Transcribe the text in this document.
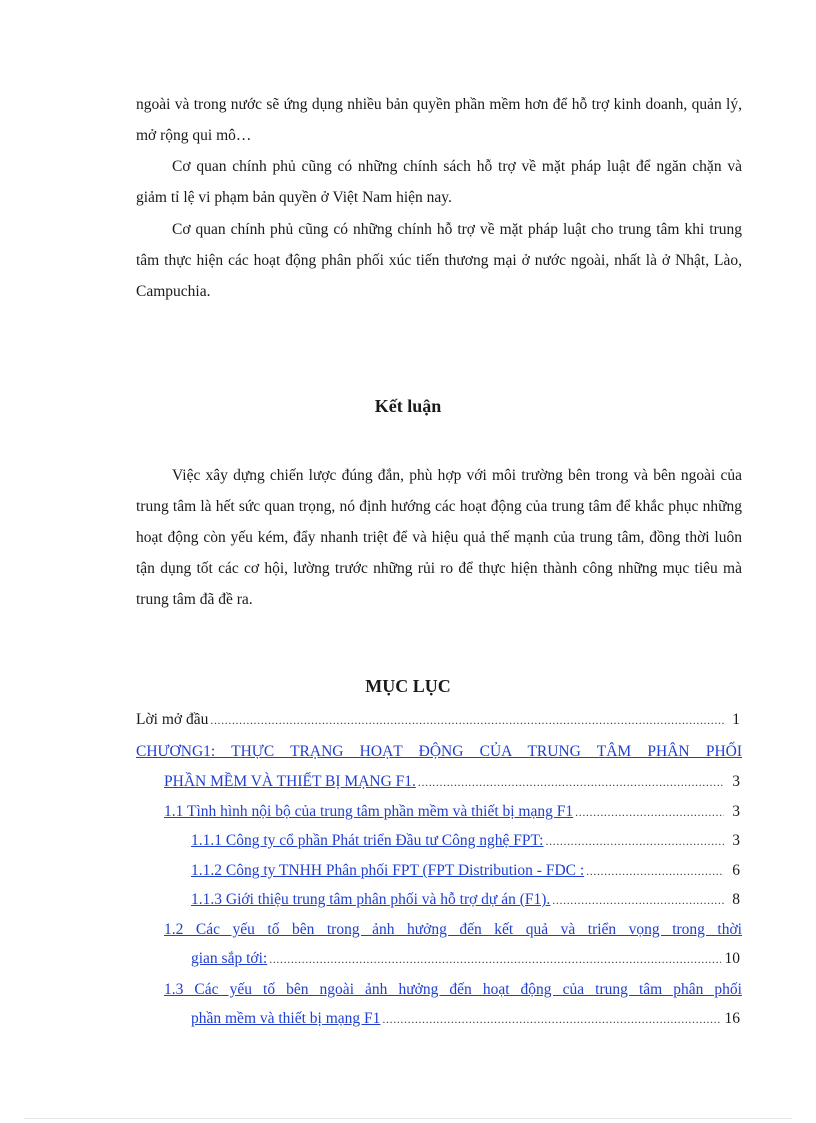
ngoài và trong nước sẽ ứng dụng nhiều bản quyền phần mềm hơn để hỗ trợ kinh doanh, quản lý, mở rộng qui mô…

Cơ quan chính phủ cũng có những chính sách hỗ trợ về mặt pháp luật để ngăn chặn và giảm tỉ lệ vi phạm bản quyền ở Việt Nam hiện nay.

Cơ quan chính phủ cũng có những chính hỗ trợ về mặt pháp luật cho trung tâm khi trung tâm thực hiện các hoạt động phân phối xúc tiến thương mại ở nước ngoài, nhất là ở Nhật, Lào, Campuchia.

Kết luận

Việc xây dựng chiến lược đúng đắn, phù hợp với môi trường bên trong và bên ngoài của trung tâm là hết sức quan trọng, nó định hướng các hoạt động của trung tâm để khắc phục những hoạt động còn yếu kém, đẩy nhanh triệt để và hiệu quả thế mạnh của trung tâm, đồng thời luôn tận dụng tốt các cơ hội, lường trước những rủi ro để thực hiện thành công những mục tiêu mà trung tâm đã đề ra.

MỤC LỤC
Lời mở đầu .....	1
CHƯƠNG1: THỰC TRẠNG HOẠT ĐỘNG CỦA TRUNG TÂM PHÂN PHỐI
PHẦN MỀM VÀ THIẾT BỊ MẠNG F1. .....	3
1.1 Tình hình nội bộ của trung tâm phần mềm và thiết bị mạng F1 .....	3
1.1.1 Công ty cổ phần Phát triển Đầu tư Công nghệ FPT: .....	3
1.1.2 Công ty TNHH Phân phối FPT (FPT Distribution - FDC : .....	6
1.1.3 Giới thiệu trung tâm phân phối và hỗ trợ dự án (F1). .....	8
1.2 Các yếu tố bên trong ảnh hưởng đến kết quả và triển vọng trong thời
gian sắp tới: .....	10
1.3 Các yếu tố bên ngoài ảnh hưởng đến hoạt động của trung tâm phân phối
phần mềm và thiết bị mạng F1 .....	16
